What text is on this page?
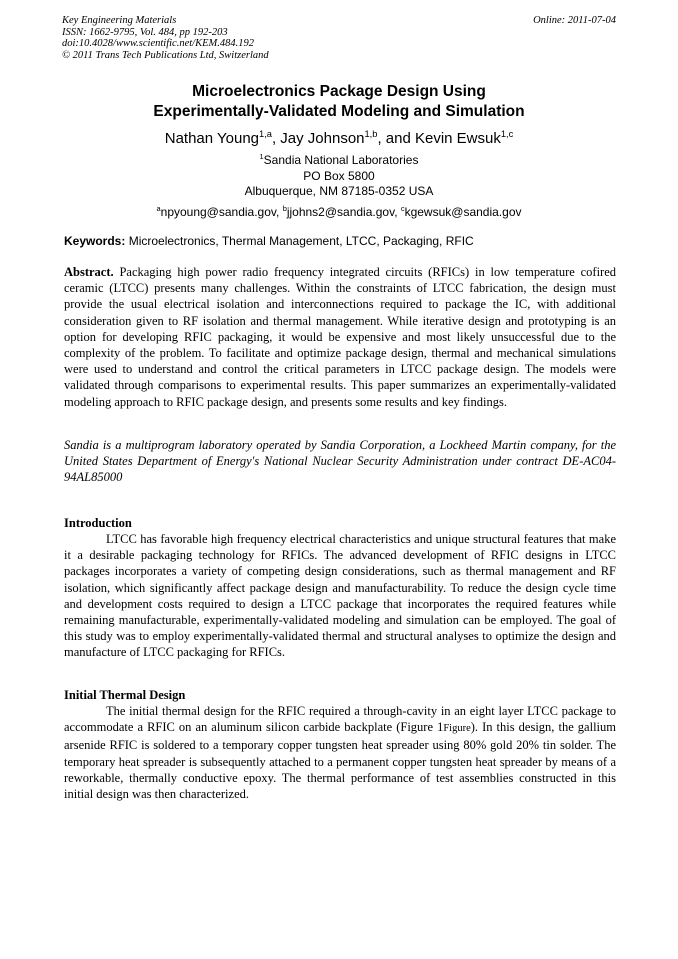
Key Engineering Materials
ISSN: 1662-9795, Vol. 484, pp 192-203
doi:10.4028/www.scientific.net/KEM.484.192
© 2011 Trans Tech Publications Ltd, Switzerland
Online: 2011-07-04
Microelectronics Package Design Using
Experimentally-Validated Modeling and Simulation
Nathan Young$^{1,a}$, Jay Johnson$^{1,b}$, and Kevin Ewsuk$^{1,c}$
$^1$Sandia National Laboratories
PO Box 5800
Albuquerque, NM 87185-0352 USA
$^a$npyoung@sandia.gov, $^b$jjohns2@sandia.gov, $^c$kgewsuk@sandia.gov
Keywords: Microelectronics, Thermal Management, LTCC, Packaging, RFIC
Abstract. Packaging high power radio frequency integrated circuits (RFICs) in low temperature cofired ceramic (LTCC) presents many challenges. Within the constraints of LTCC fabrication, the design must provide the usual electrical isolation and interconnections required to package the IC, with additional consideration given to RF isolation and thermal management. While iterative design and prototyping is an option for developing RFIC packaging, it would be expensive and most likely unsuccessful due to the complexity of the problem. To facilitate and optimize package design, thermal and mechanical simulations were used to understand and control the critical parameters in LTCC package design. The models were validated through comparisons to experimental results. This paper summarizes an experimentally-validated modeling approach to RFIC package design, and presents some results and key findings.
Sandia is a multiprogram laboratory operated by Sandia Corporation, a Lockheed Martin company, for the United States Department of Energy's National Nuclear Security Administration under contract DE-AC04-94AL85000
Introduction
LTCC has favorable high frequency electrical characteristics and unique structural features that make it a desirable packaging technology for RFICs. The advanced development of RFIC designs in LTCC packages incorporates a variety of competing design considerations, such as thermal management and RF isolation, which significantly affect package design and manufacturability. To reduce the design cycle time and development costs required to design a LTCC package that incorporates the required features while remaining manufacturable, experimentally-validated modeling and simulation can be employed. The goal of this study was to employ experimentally-validated thermal and structural analyses to optimize the design and manufacture of LTCC packaging for RFICs.
Initial Thermal Design
The initial thermal design for the RFIC required a through-cavity in an eight layer LTCC package to accommodate a RFIC on an aluminum silicon carbide backplate (Figure 1Figure). In this design, the gallium arsenide RFIC is soldered to a temporary copper tungsten heat spreader using 80% gold 20% tin solder. The temporary heat spreader is subsequently attached to a permanent copper tungsten heat spreader by means of a reworkable, thermally conductive epoxy. The thermal performance of test assemblies constructed in this initial design was then characterized.
